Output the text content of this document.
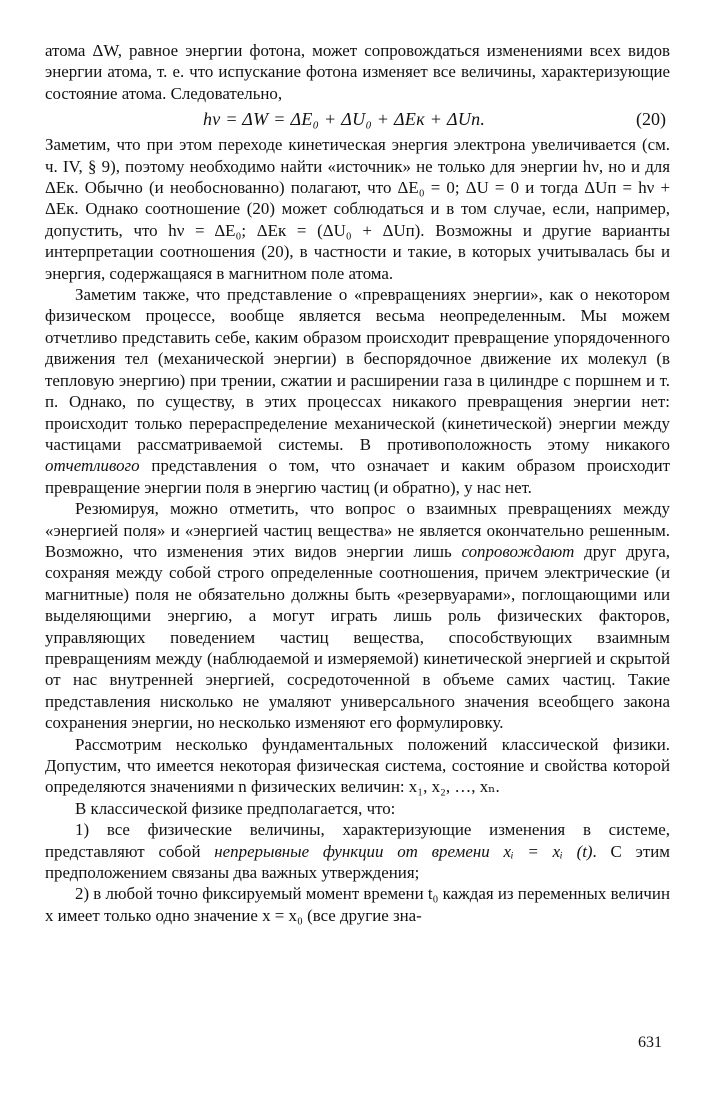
атома ΔW, равное энергии фотона, может сопровождаться изменениями всех видов энергии атома, т. е. что испускание фотона изменяет все величины, характеризующие состояние атома. Следовательно,

hν = ΔW = ΔE₀ + ΔU₀ + ΔEк + ΔUп.	(20)

Заметим, что при этом переходе кинетическая энергия электрона увеличивается (см. ч. IV, § 9), поэтому необходимо найти «источник» не только для энергии hν, но и для ΔEк. Обычно (и необоснованно) полагают, что ΔE₀ = 0; ΔU = 0 и тогда ΔUп = hν + ΔEк. Однако соотношение (20) может соблюдаться и в том случае, если, например, допустить, что hν = ΔE₀; ΔEк = (ΔU₀ + ΔUп). Возможны и другие варианты интерпретации соотношения (20), в частности и такие, в которых учитывалась бы и энергия, содержащаяся в магнитном поле атома.

Заметим также, что представление о «превращениях энергии», как о некотором физическом процессе, вообще является весьма неопределенным. Мы можем отчетливо представить себе, каким образом происходит превращение упорядоченного движения тел (механической энергии) в беспорядочное движение их молекул (в тепловую энергию) при трении, сжатии и расширении газа в цилиндре с поршнем и т. п. Однако, по существу, в этих процессах никакого превращения энергии нет: происходит только перераспределение механической (кинетической) энергии между частицами рассматриваемой системы. В противоположность этому никакого отчетливого представления о том, что означает и каким образом происходит превращение энергии поля в энергию частиц (и обратно), у нас нет.

Резюмируя, можно отметить, что вопрос о взаимных превращениях между «энергией поля» и «энергией частиц вещества» не является окончательно решенным. Возможно, что изменения этих видов энергии лишь сопровождают друг друга, сохраняя между собой строго определенные соотношения, причем электрические (и магнитные) поля не обязательно должны быть «резервуарами», поглощающими или выделяющими энергию, а могут играть лишь роль физических факторов, управляющих поведением частиц вещества, способствующих взаимным превращениям между (наблюдаемой и измеряемой) кинетической энергией и скрытой от нас внутренней энергией, сосредоточенной в объеме самих частиц. Такие представления нисколько не умаляют универсального значения всеобщего закона сохранения энергии, но несколько изменяют его формулировку.

Рассмотрим несколько фундаментальных положений классической физики. Допустим, что имеется некоторая физическая система, состояние и свойства которой определяются значениями n физических величин: x₁, x₂, …, xₙ.

В классической физике предполагается, что:

1) все физические величины, характеризующие изменения в системе, представляют собой непрерывные функции от времени xᵢ = xᵢ (t). С этим предположением связаны два важных утверждения;

2) в любой точно фиксируемый момент времени t₀ каждая из переменных величин x имеет только одно значение x = x₀ (все другие зна-

631
